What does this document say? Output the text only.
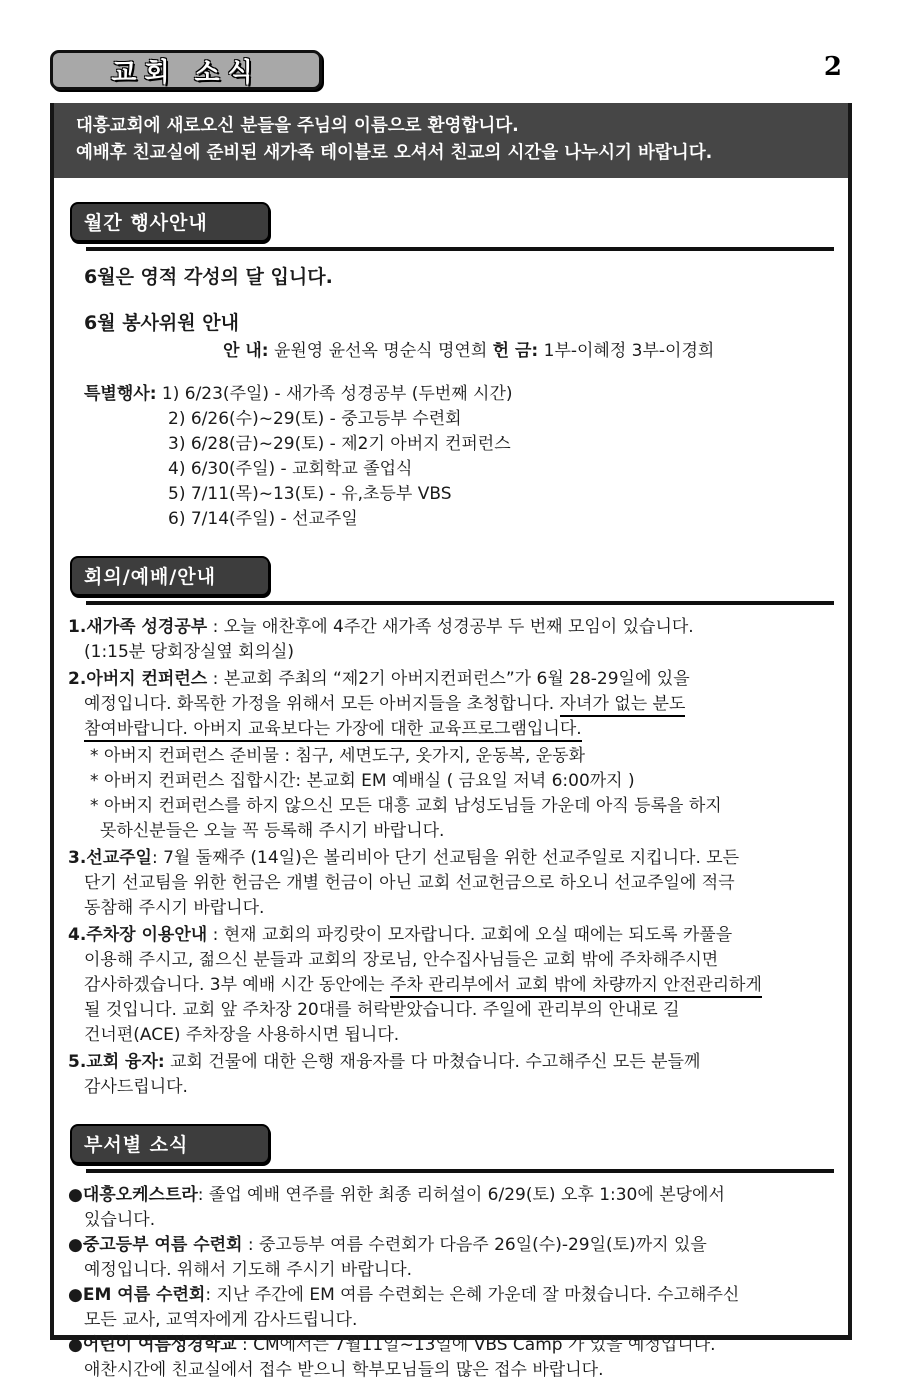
교회 소식	2
대흥교회에 새로오신 분들을 주님의 이름으로 환영합니다.
예배후 친교실에 준비된 새가족 테이블로 오셔서 친교의 시간을 나누시기 바랍니다.
월간 행사안내
6월은 영적 각성의 달 입니다.
6월 봉사위원 안내
안 내: 윤원영 윤선옥 명순식 명연희 헌 금: 1부-이혜정 3부-이경희
특별행사: 1) 6/23(주일) - 새가족 성경공부 (두번째 시간)
2) 6/26(수)~29(토) - 중고등부 수련회
3) 6/28(금)~29(토) - 제2기 아버지 컨퍼런스
4) 6/30(주일) - 교회학교 졸업식
5) 7/11(목)~13(토) - 유,초등부 VBS
6) 7/14(주일) - 선교주일
회의/예배/안내
1.새가족 성경공부 : 오늘 애찬후에 4주간 새가족 성경공부 두 번째 모임이 있습니다.
(1:15분 당회장실옆 회의실)
2.아버지 컨퍼런스 : 본교회 주최의 “제2기 아버지컨퍼런스”가 6월 28-29일에 있을
예정입니다. 화목한 가정을 위해서 모든 아버지들을 초청합니다. 자녀가 없는 분도
참여바랍니다. 아버지 교육보다는 가장에 대한 교육프로그램입니다.
* 아버지 컨퍼런스 준비물 : 침구, 세면도구, 옷가지, 운동복, 운동화
* 아버지 컨퍼런스 집합시간: 본교회 EM 예배실 ( 금요일 저녁 6:00까지 )
* 아버지 컨퍼런스를 하지 않으신 모든 대흥 교회 남성도님들 가운데 아직 등록을 하지
못하신분들은 오늘 꼭 등록해 주시기 바랍니다.
3.선교주일: 7월 둘째주 (14일)은 볼리비아 단기 선교팀을 위한 선교주일로 지킵니다. 모든
단기 선교팀을 위한 헌금은 개별 헌금이 아닌 교회 선교헌금으로 하오니 선교주일에 적극
동참해 주시기 바랍니다.
4.주차장 이용안내 : 현재 교회의 파킹랏이 모자랍니다. 교회에 오실 때에는 되도록 카풀을
이용해 주시고, 젊으신 분들과 교회의 장로님, 안수집사님들은 교회 밖에 주차해주시면
감사하겠습니다. 3부 예배 시간 동안에는 주차 관리부에서 교회 밖에 차량까지 안전관리하게
될 것입니다. 교회 앞 주차장 20대를 허락받았습니다. 주일에 관리부의 안내로 길
건너편(ACE) 주차장을 사용하시면 됩니다.
5.교회 융자: 교회 건물에 대한 은행 재융자를 다 마쳤습니다. 수고해주신 모든 분들께
감사드립니다.
부서별 소식
●대흥오케스트라: 졸업 예배 연주를 위한 최종 리허설이 6/29(토) 오후 1:30에 본당에서
있습니다.
●중고등부 여름 수련회 : 중고등부 여름 수련회가 다음주 26일(수)-29일(토)까지 있을
예정입니다. 위해서 기도해 주시기 바랍니다.
●EM 여름 수련회: 지난 주간에 EM 여름 수련회는 은혜 가운데 잘 마쳤습니다. 수고해주신
모든 교사, 교역자에게 감사드립니다.
●어린이 여름성경학교 : CM에서는 7월11일~13일에 VBS Camp 가 있을 예정입니다.
애찬시간에 친교실에서 접수 받으니 학부모님들의 많은 접수 바랍니다.
